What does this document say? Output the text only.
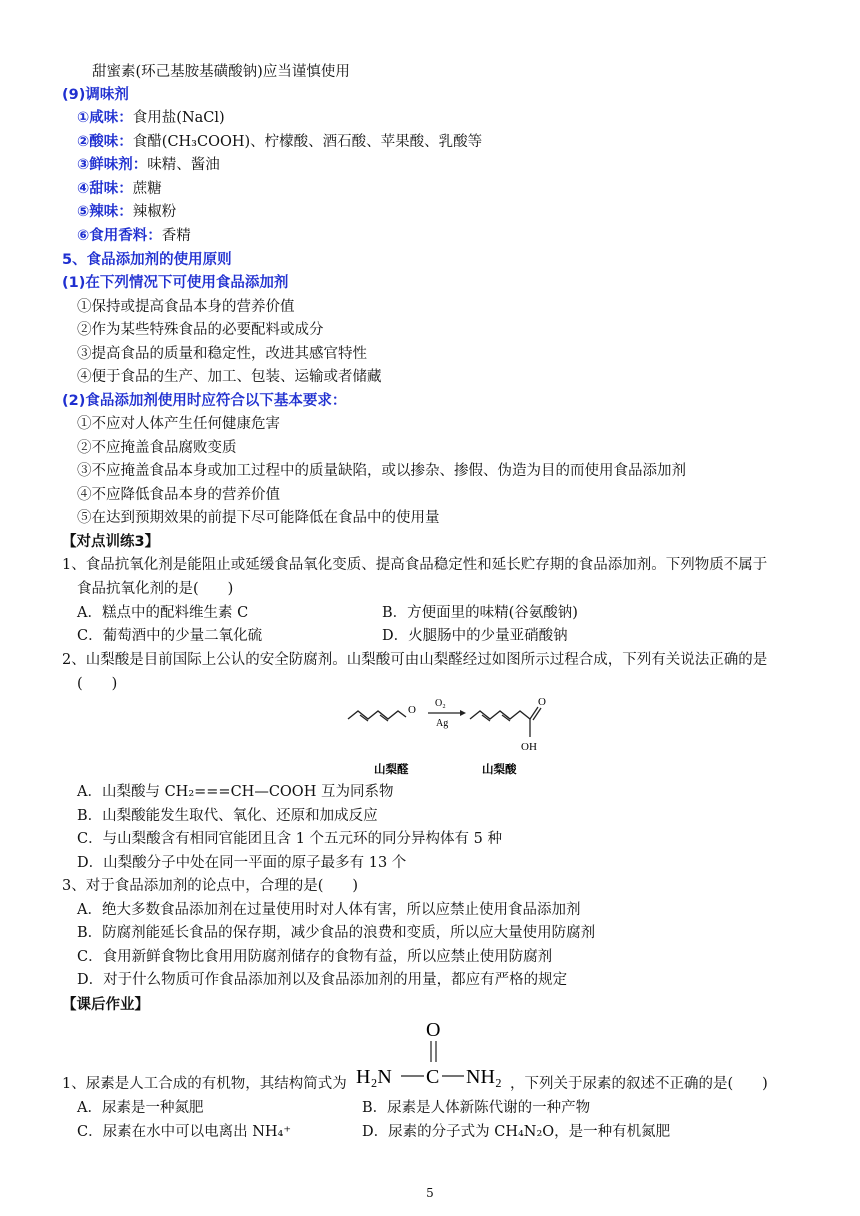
甜蜜素(环己基胺基磺酸钠)应当谨慎使用
(9)调味剂
①咸味：食用盐(NaCl)
②酸味：食醋(CH₃COOH)、柠檬酸、酒石酸、苹果酸、乳酸等
③鲜味剂：味精、酱油
④甜味：蔗糖
⑤辣味：辣椒粉
⑥食用香料：香精
5、食品添加剂的使用原则
(1)在下列情况下可使用食品添加剂
①保持或提高食品本身的营养价值
②作为某些特殊食品的必要配料或成分
③提高食品的质量和稳定性，改进其感官特性
④便于食品的生产、加工、包装、运输或者储藏
(2)食品添加剂使用时应符合以下基本要求：
①不应对人体产生任何健康危害
②不应掩盖食品腐败变质
③不应掩盖食品本身或加工过程中的质量缺陷，或以掺杂、掺假、伪造为目的而使用食品添加剂
④不应降低食品本身的营养价值
⑤在达到预期效果的前提下尽可能降低在食品中的使用量
【对点训练3】
1、食品抗氧化剂是能阻止或延缓食品氧化变质、提高食品稳定性和延长贮存期的食品添加剂。下列物质不属于
食品抗氧化剂的是(　　)
A．糕点中的配料维生素 C	B．方便面里的味精(谷氨酸钠)
C．葡萄酒中的少量二氧化硫	D．火腿肠中的少量亚硝酸钠
2、山梨酸是目前国际上公认的安全防腐剂。山梨酸可由山梨醛经过如图所示过程合成，下列有关说法正确的是
(　　)
O
O₂
Ag
O
OH
山梨醛	山梨酸
A．山梨酸与 CH₂===CH—COOH 互为同系物
B．山梨酸能发生取代、氧化、还原和加成反应
C．与山梨酸含有相同官能团且含 1 个五元环的同分异构体有 5 种
D．山梨酸分子中处在同一平面的原子最多有 13 个
3、对于食品添加剂的论点中，合理的是(　　)
A．绝大多数食品添加剂在过量使用时对人体有害，所以应禁止使用食品添加剂
B．防腐剂能延长食品的保存期，减少食品的浪费和变质，所以应大量使用防腐剂
C．食用新鲜食物比食用用防腐剂储存的食物有益，所以应禁止使用防腐剂
D．对于什么物质可作食品添加剂以及食品添加剂的用量，都应有严格的规定
【课后作业】
1、尿素是人工合成的有机物，其结构简式为
O
H₂N C NH₂ ，下列关于尿素的叙述不正确的是(　　)
A．尿素是一种氮肥	B．尿素是人体新陈代谢的一种产物
C．尿素在水中可以电离出 NH₄⁺	D．尿素的分子式为 CH₄N₂O，是一种有机氮肥
5
